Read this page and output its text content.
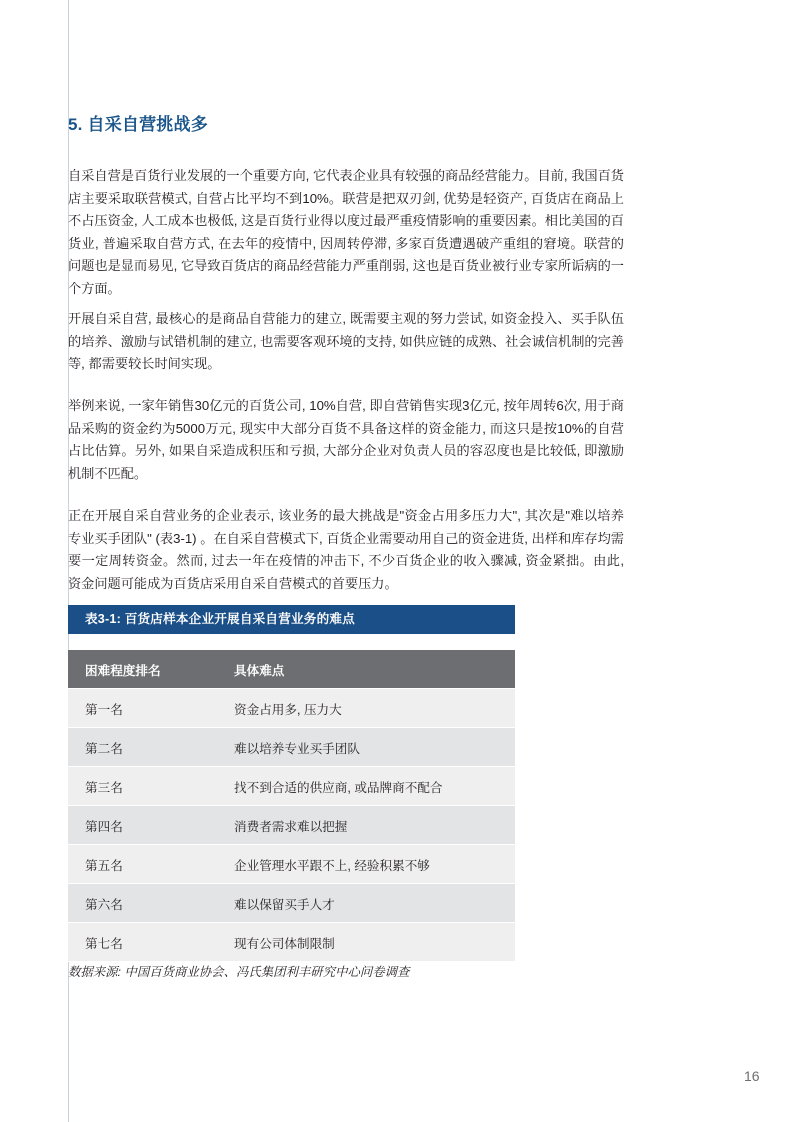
5. 自采自营挑战多

自采自营是百货行业发展的一个重要方向, 它代表企业具有较强的商品经营能力。目前, 我国百货店主要采取联营模式, 自营占比平均不到10%。联营是把双刃剑, 优势是轻资产, 百货店在商品上不占压资金, 人工成本也极低, 这是百货行业得以度过最严重疫情影响的重要因素。相比美国的百货业, 普遍采取自营方式, 在去年的疫情中, 因周转停滞, 多家百货遭遇破产重组的窘境。联营的问题也是显而易见, 它导致百货店的商品经营能力严重削弱, 这也是百货业被行业专家所诟病的一个方面。

开展自采自营, 最核心的是商品自营能力的建立, 既需要主观的努力尝试, 如资金投入、买手队伍的培养、激励与试错机制的建立, 也需要客观环境的支持, 如供应链的成熟、社会诚信机制的完善等, 都需要较长时间实现。

举例来说, 一家年销售30亿元的百货公司, 10%自营, 即自营销售实现3亿元, 按年周转6次, 用于商品采购的资金约为5000万元, 现实中大部分百货不具备这样的资金能力, 而这只是按10%的自营占比估算。另外, 如果自采造成积压和亏损, 大部分企业对负责人员的容忍度也是比较低, 即激励机制不匹配。

正在开展自采自营业务的企业表示, 该业务的最大挑战是"资金占用多压力大", 其次是"难以培养专业买手团队" (表3-1) 。在自采自营模式下, 百货企业需要动用自己的资金进货, 出样和库存均需要一定周转资金。然而, 过去一年在疫情的冲击下, 不少百货企业的收入骤减, 资金紧拙。由此, 资金问题可能成为百货店采用自采自营模式的首要压力。

表3-1: 百货店样本企业开展自采自营业务的难点
困难程度排名	具体难点
第一名	资金占用多, 压力大
第二名	难以培养专业买手团队
第三名	找不到合适的供应商, 或品牌商不配合
第四名	消费者需求难以把握
第五名	企业管理水平跟不上, 经验积累不够
第六名	难以保留买手人才
第七名	现有公司体制限制
数据来源: 中国百货商业协会、冯氏集团利丰研究中心问卷调查
16
